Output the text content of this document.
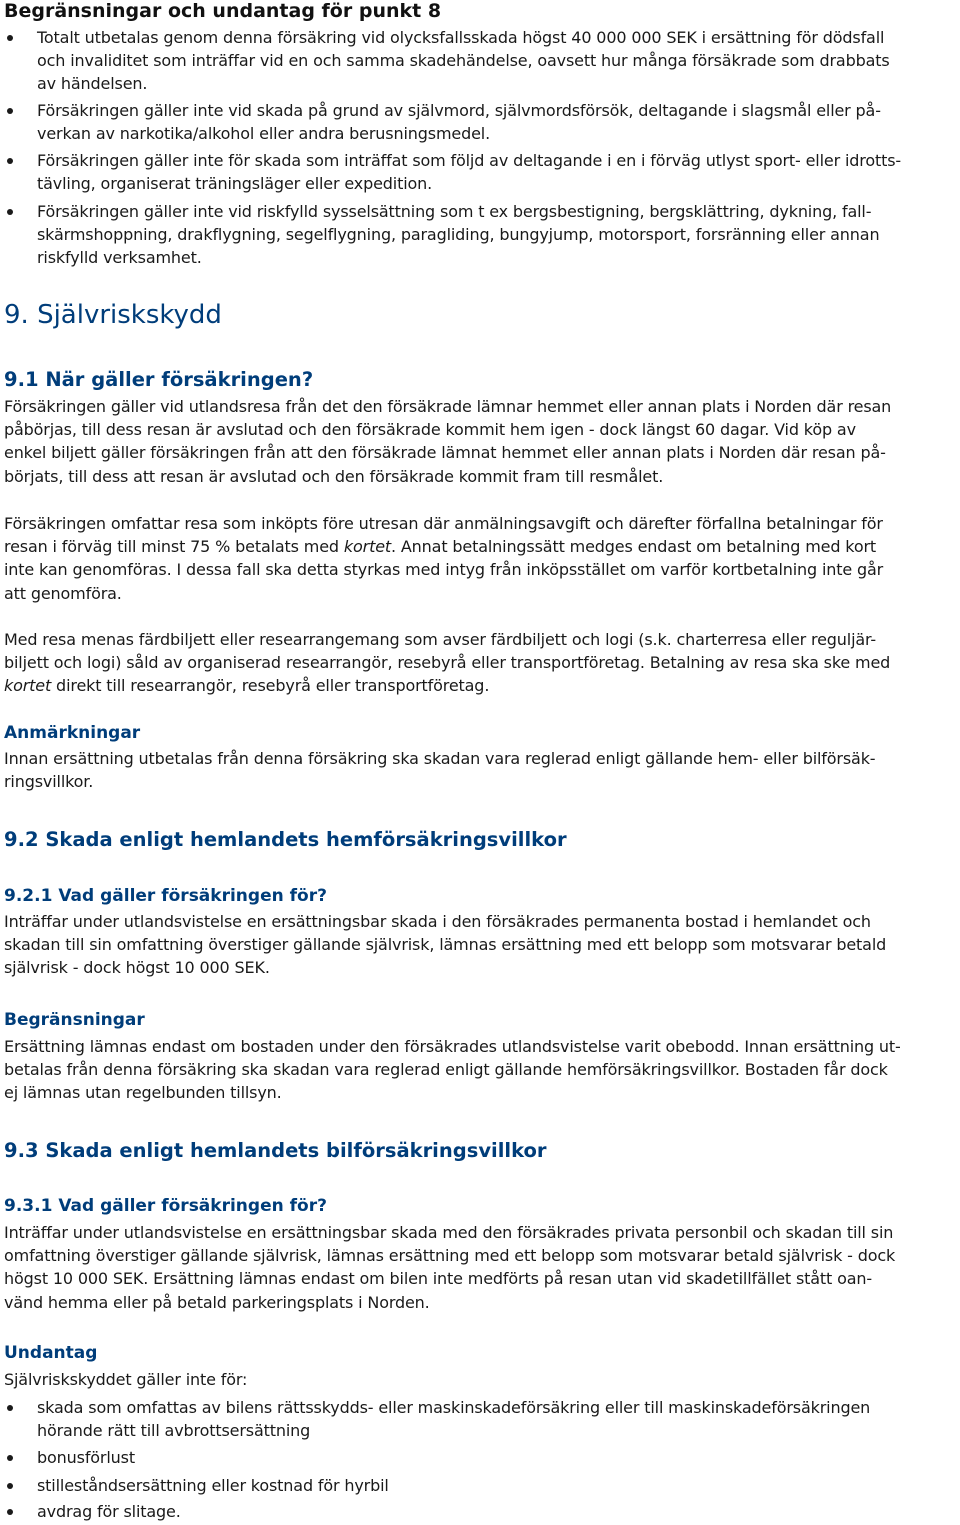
Begränsningar och undantag för punkt 8
Totalt utbetalas genom denna försäkring vid olycksfallsskada högst 40 000 000 SEK i ersättning för dödsfall
och invaliditet som inträffar vid en och samma skadehändelse, oavsett hur många försäkrade som drabbats
av händelsen.
Försäkringen gäller inte vid skada på grund av självmord, självmordsförsök, deltagande i slagsmål eller på-
verkan av narkotika/alkohol eller andra berusningsmedel.
Försäkringen gäller inte för skada som inträffat som följd av deltagande i en i förväg utlyst sport- eller idrotts-
tävling, organiserat träningsläger eller expedition.
Försäkringen gäller inte vid riskfylld sysselsättning som t ex bergsbestigning, bergsklättring, dykning, fall-
skärmshoppning, drakflygning, segelflygning, paragliding, bungyjump, motorsport, forsränning eller annan
riskfylld verksamhet.
9. Självriskskydd
9.1 När gäller försäkringen?

Försäkringen gäller vid utlandsresa från det den försäkrade lämnar hemmet eller annan plats i Norden där resan
påbörjas, till dess resan är avslutad och den försäkrade kommit hem igen - dock längst 60 dagar. Vid köp av
enkel biljett gäller försäkringen från att den försäkrade lämnat hemmet eller annan plats i Norden där resan på-
börjats, till dess att resan är avslutad och den försäkrade kommit fram till resmålet.

Försäkringen omfattar resa som inköpts före utresan där anmälningsavgift och därefter förfallna betalningar för
resan i förväg till minst 75 % betalats med kortet. Annat betalningssätt medges endast om betalning med kort
inte kan genomföras. I dessa fall ska detta styrkas med intyg från inköpsstället om varför kortbetalning inte går
att genomföra.

Med resa menas färdbiljett eller researrangemang som avser färdbiljett och logi (s.k. charterresa eller reguljär-
biljett och logi) såld av organiserad researrangör, resebyrå eller transportföretag. Betalning av resa ska ske med
kortet direkt till researrangör, resebyrå eller transportföretag.

Anmärkningar

Innan ersättning utbetalas från denna försäkring ska skadan vara reglerad enligt gällande hem- eller bilförsäk-
ringsvillkor.

9.2 Skada enligt hemlandets hemförsäkringsvillkor
9.2.1 Vad gäller försäkringen för?

Inträffar under utlandsvistelse en ersättningsbar skada i den försäkrades permanenta bostad i hemlandet och
skadan till sin omfattning överstiger gällande självrisk, lämnas ersättning med ett belopp som motsvarar betald
självrisk - dock högst 10 000 SEK.

Begränsningar

Ersättning lämnas endast om bostaden under den försäkrades utlandsvistelse varit obebodd. Innan ersättning ut-
betalas från denna försäkring ska skadan vara reglerad enligt gällande hemförsäkringsvillkor. Bostaden får dock
ej lämnas utan regelbunden tillsyn.

9.3 Skada enligt hemlandets bilförsäkringsvillkor
9.3.1 Vad gäller försäkringen för?

Inträffar under utlandsvistelse en ersättningsbar skada med den försäkrades privata personbil och skadan till sin
omfattning överstiger gällande självrisk, lämnas ersättning med ett belopp som motsvarar betald självrisk - dock
högst 10 000 SEK. Ersättning lämnas endast om bilen inte medförts på resan utan vid skadetillfället stått oan-
vänd hemma eller på betald parkeringsplats i Norden.

Undantag

Självriskskyddet gäller inte för:

skada som omfattas av bilens rättsskydds- eller maskinskadeförsäkring eller till maskinskadeförsäkringen
hörande rätt till avbrottsersättning
bonusförlust
stilleståndsersättning eller kostnad för hyrbil
avdrag för slitage.
